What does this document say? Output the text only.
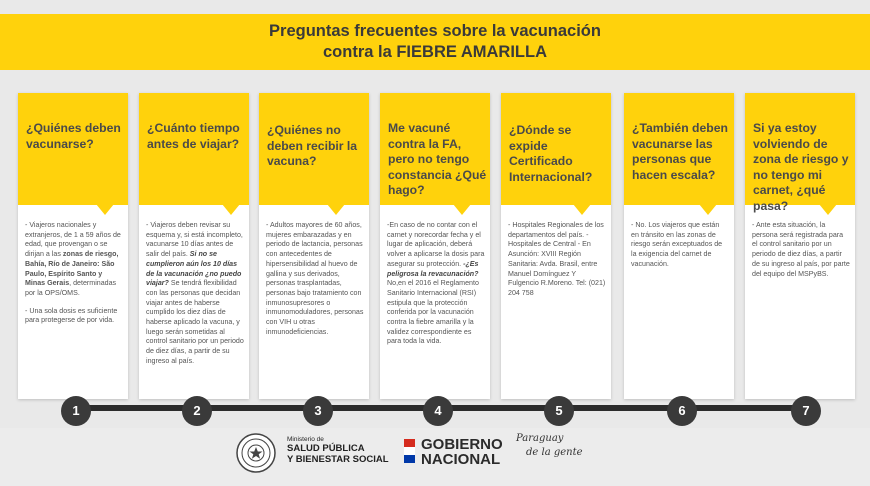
Preguntas frecuentes sobre la vacunación
contra la FIEBRE AMARILLA
¿Quiénes deben vacunarse?

- Viajeros nacionales y extranjeros, de 1 a 59 años de edad, que provengan o se dirijan a las zonas de riesgo, Bahía, Río de Janeiro: São Paulo, Espírito Santo y Minas Gerais, determinadas por la OPS/OMS.

- Una sola dosis es suficiente para protegerse de por vida.

¿Cuánto tiempo antes de viajar?

- Viajeros deben revisar su esquema y, si está incompleto, vacunarse 10 días antes de salir del país. Si no se cumplieron aún los 10 días de la vacunación ¿no puedo viajar? Se tendrá flexibilidad con las personas que decidan viajar antes de haberse cumplido los diez días de haberse aplicado la vacuna, y luego serán sometidas al control sanitario por un periodo de diez días, a partir de su ingreso al país.

¿Quiénes no deben recibir la vacuna?

- Adultos mayores de 60 años, mujeres embarazadas y en periodo de lactancia, personas con antecedentes de hipersensibilidad al huevo de gallina y sus derivados, personas trasplantadas, personas bajo tratamiento con inmunosupresores o inmunomoduladores, personas con VIH u otras inmunodeficiencias.

Me vacuné contra la FA, pero no tengo constancia ¿Qué hago?

-En caso de no contar con el carnet y norecordar fecha y el lugar de aplicación, deberá volver a aplicarse la dosis para asegurar su protección. -¿Es peligrosa la revacunación? No,en el 2016 el Reglamento Sanitario Internacional (RSI) estipula que la protección conferida por la vacunación contra la fiebre amarilla y la validez correspondiente es para toda la vida.

¿Dónde se expide Certificado Internacional?

- Hospitales Regionales de los departamentos del país. - Hospitales de Central - En Asunción: XVIII Región Sanitaria: Avda. Brasil, entre Manuel Domínguez Y Fulgencio R.Moreno. Tel: (021) 204 758

¿También deben vacunarse las personas que hacen escala?

- No. Los viajeros que están en tránsito en las zonas de riesgo serán exceptuados de la exigencia del carnet de vacunación.

Si ya estoy volviendo de zona de riesgo y no tengo mi carnet, ¿qué pasa?

- Ante esta situación, la persona será registrada para el control sanitario por un periodo de diez días, a partir de su ingreso al país, por parte del equipo del MSPyBS.

1	2	3	4	5	6	7
Ministerio de
SALUD PÚBLICA
Y BIENESTAR SOCIAL
GOBIERNO
NACIONAL
Paraguay
de la gente
